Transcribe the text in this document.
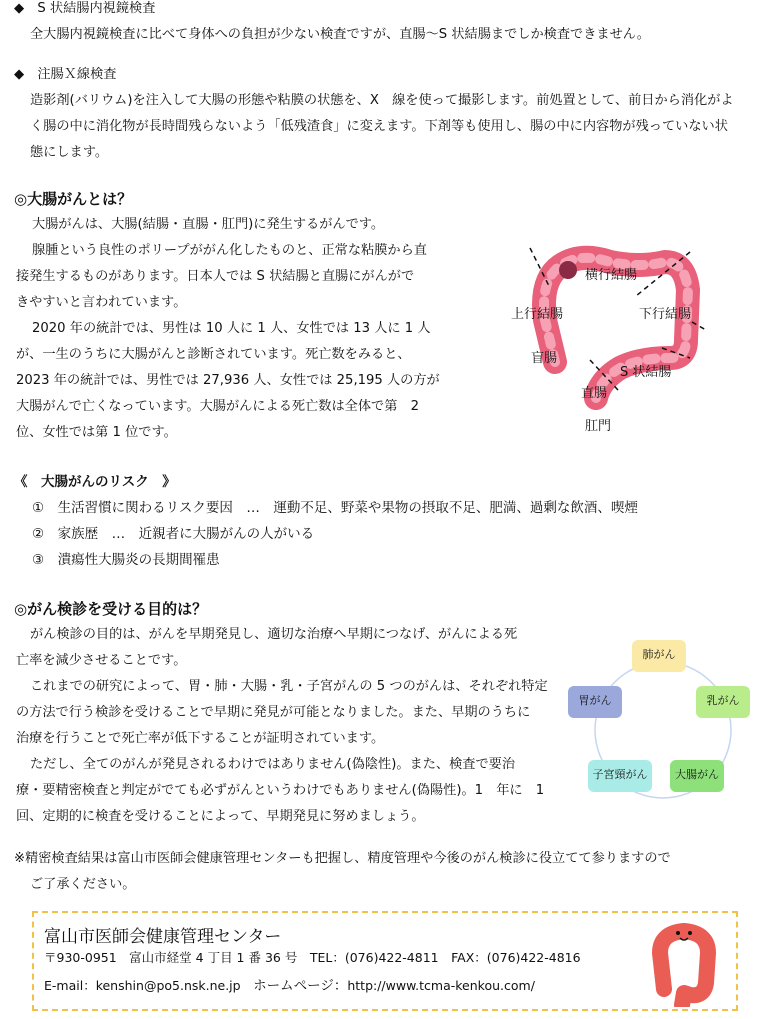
◆　S 状結腸内視鏡検査
全大腸内視鏡検査に比べて身体への負担が少ない検査ですが、直腸～S 状結腸までしか検査できません。
◆　注腸Ｘ線検査
造影剤(バリウム)を注入して大腸の形態や粘膜の状態を、X　線を使って撮影します。前処置として、前日から消化がよ
く腸の中に消化物が長時間残らないよう「低残渣食」に変えます。下剤等も使用し、腸の中に内容物が残っていない状
態にします。
◎大腸がんとは？
大腸がんは、大腸(結腸・直腸・肛門)に発生するがんです。
腺腫という良性のポリープががん化したものと、正常な粘膜から直
接発生するものがあります。日本人では S 状結腸と直腸にがんがで
きやすいと言われています。
2020 年の統計では、男性は 10 人に 1 人、女性では 13 人に 1 人
が、一生のうちに大腸がんと診断されています。死亡数をみると、
2023 年の統計では、男性では 27,936 人、女性では 25,195 人の方が
大腸がんで亡くなっています。大腸がんによる死亡数は全体で第　2
位、女性では第 1 位です。
横行結腸
上行結腸	下行結腸
盲腸
S 状結腸
直腸
肛門
《　大腸がんのリスク　》
①　生活習慣に関わるリスク要因　…　運動不足、野菜や果物の摂取不足、肥満、過剰な飲酒、喫煙
②　家族歴　…　近親者に大腸がんの人がいる
③　潰瘍性大腸炎の長期間罹患
◎がん検診を受ける目的は？
がん検診の目的は、がんを早期発見し、適切な治療へ早期につなげ、がんによる死
亡率を減少させることです。
これまでの研究によって、胃・肺・大腸・乳・子宮がんの 5 つのがんは、それぞれ特定
の方法で行う検診を受けることで早期に発見が可能となりました。また、早期のうちに
治療を行うことで死亡率が低下することが証明されています。
ただし、全てのがんが発見されるわけではありません(偽陰性)。また、検査で要治
療・要精密検査と判定がでても必ずがんというわけでもありません(偽陽性)。1　年に　1
回、定期的に検査を受けることによって、早期発見に努めましょう。
肺がん
乳がん
大腸がん
子宮頸がん
胃がん
※精密検査結果は富山市医師会健康管理センターも把握し、精度管理や今後のがん検診に役立てて参りますので
ご了承ください。
富山市医師会健康管理センター
〒930-0951　富山市経堂 4 丁目 1 番 36 号　TEL：(076)422-4811　FAX：(076)422-4816
E-mail：kenshin@po5.nsk.ne.jp　 ホームページ：http://www.tcma-kenkou.com/
